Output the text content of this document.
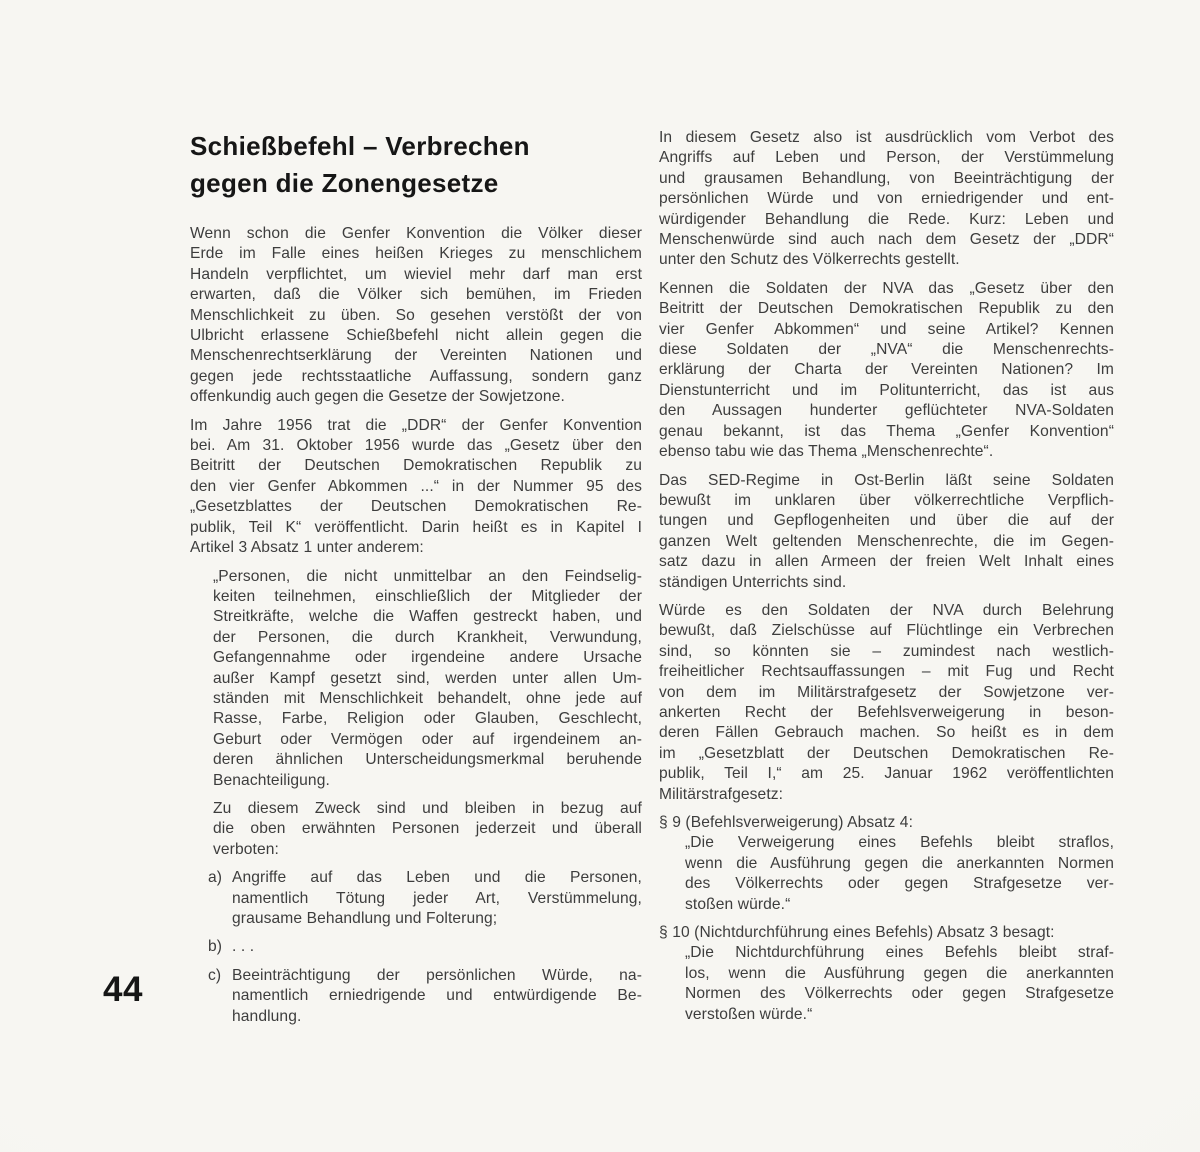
Schießbefehl – Verbrechen
gegen die Zonengesetze
Wenn schon die Genfer Konvention die Völker dieser
Erde im Falle eines heißen Krieges zu menschlichem
Handeln verpflichtet, um wieviel mehr darf man erst
erwarten, daß die Völker sich bemühen, im Frieden
Menschlichkeit zu üben. So gesehen verstößt der von
Ulbricht erlassene Schießbefehl nicht allein gegen die
Menschenrechtserklärung der Vereinten Nationen und
gegen jede rechtsstaatliche Auffassung, sondern ganz
offenkundig auch gegen die Gesetze der Sowjetzone.
Im Jahre 1956 trat die „DDR“ der Genfer Konvention
bei. Am 31. Oktober 1956 wurde das „Gesetz über den
Beitritt der Deutschen Demokratischen Republik zu
den vier Genfer Abkommen ...“ in der Nummer 95 des
„Gesetzblattes der Deutschen Demokratischen Re-
publik, Teil K“ veröffentlicht. Darin heißt es in Kapitel I
Artikel 3 Absatz 1 unter anderem:
„Personen, die nicht unmittelbar an den Feindselig-
keiten teilnehmen, einschließlich der Mitglieder der
Streitkräfte, welche die Waffen gestreckt haben, und
der Personen, die durch Krankheit, Verwundung,
Gefangennahme oder irgendeine andere Ursache
außer Kampf gesetzt sind, werden unter allen Um-
ständen mit Menschlichkeit behandelt, ohne jede auf
Rasse, Farbe, Religion oder Glauben, Geschlecht,
Geburt oder Vermögen oder auf irgendeinem an-
deren ähnlichen Unterscheidungsmerkmal beruhende
Benachteiligung.
Zu diesem Zweck sind und bleiben in bezug auf
die oben erwähnten Personen jederzeit und überall
verboten:
a) Angriffe auf das Leben und die Personen,
namentlich Tötung jeder Art, Verstümmelung,
grausame Behandlung und Folterung;
b) . . .
c) Beeinträchtigung der persönlichen Würde, na-
namentlich erniedrigende und entwürdigende Be-
handlung.
In diesem Gesetz also ist ausdrücklich vom Verbot des
Angriffs auf Leben und Person, der Verstümmelung
und grausamen Behandlung, von Beeinträchtigung der
persönlichen Würde und von erniedrigender und ent-
würdigender Behandlung die Rede. Kurz: Leben und
Menschenwürde sind auch nach dem Gesetz der „DDR“
unter den Schutz des Völkerrechts gestellt.
Kennen die Soldaten der NVA das „Gesetz über den
Beitritt der Deutschen Demokratischen Republik zu den
vier Genfer Abkommen“ und seine Artikel? Kennen
diese Soldaten der „NVA“ die Menschenrechts-
erklärung der Charta der Vereinten Nationen? Im
Dienstunterricht und im Politunterricht, das ist aus
den Aussagen hunderter geflüchteter NVA-Soldaten
genau bekannt, ist das Thema „Genfer Konvention“
ebenso tabu wie das Thema „Menschenrechte“.
Das SED-Regime in Ost-Berlin läßt seine Soldaten
bewußt im unklaren über völkerrechtliche Verpflich-
tungen und Gepflogenheiten und über die auf der
ganzen Welt geltenden Menschenrechte, die im Gegen-
satz dazu in allen Armeen der freien Welt Inhalt eines
ständigen Unterrichts sind.
Würde es den Soldaten der NVA durch Belehrung
bewußt, daß Zielschüsse auf Flüchtlinge ein Verbrechen
sind, so könnten sie – zumindest nach westlich-
freiheitlicher Rechtsauffassungen – mit Fug und Recht
von dem im Militärstrafgesetz der Sowjetzone ver-
ankerten Recht der Befehlsverweigerung in beson-
deren Fällen Gebrauch machen. So heißt es in dem
im „Gesetzblatt der Deutschen Demokratischen Re-
publik, Teil I,“ am 25. Januar 1962 veröffentlichten
Militärstrafgesetz:
§ 9 (Befehlsverweigerung) Absatz 4:
„Die Verweigerung eines Befehls bleibt straflos,
wenn die Ausführung gegen die anerkannten Normen
des Völkerrechts oder gegen Strafgesetze ver-
stoßen würde.“
§ 10 (Nichtdurchführung eines Befehls) Absatz 3 besagt:
„Die Nichtdurchführung eines Befehls bleibt straf-
los, wenn die Ausführung gegen die anerkannten
Normen des Völkerrechts oder gegen Strafgesetze
verstoßen würde.“
44
